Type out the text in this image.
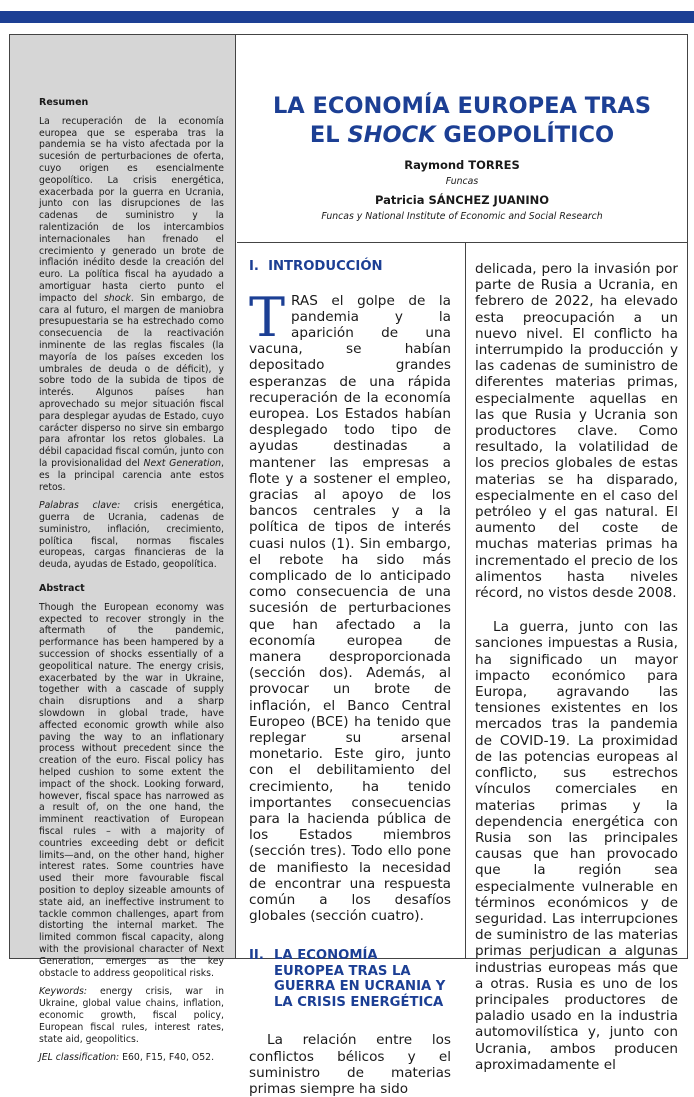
Resumen

La recuperación de la economía europea que se esperaba tras la pandemia se ha visto afectada por la sucesión de perturbaciones de oferta, cuyo origen es esencialmente geopolítico. La crisis energética, exacerbada por la guerra en Ucrania, junto con las disrupciones de las cadenas de suministro y la ralentización de los intercambios internacionales han frenado el crecimiento y generado un brote de inflación inédito desde la creación del euro. La política fiscal ha ayudado a amortiguar hasta cierto punto el impacto del shock. Sin embargo, de cara al futuro, el margen de maniobra presupuestaria se ha estrechado como consecuencia de la reactivación inminente de las reglas fiscales (la mayoría de los países exceden los umbrales de deuda o de déficit), y sobre todo de la subida de tipos de interés. Algunos países han aprovechado su mejor situación fiscal para desplegar ayudas de Estado, cuyo carácter disperso no sirve sin embargo para afrontar los retos globales. La débil capacidad fiscal común, junto con la provisionalidad del Next Generation, es la principal carencia ante estos retos.

Palabras clave: crisis energética, guerra de Ucrania, cadenas de suministro, inflación, crecimiento, política fiscal, normas fiscales europeas, cargas financieras de la deuda, ayudas de Estado, geopolítica.

Abstract

Though the European economy was expected to recover strongly in the aftermath of the pandemic, performance has been hampered by a succession of shocks essentially of a geopolitical nature. The energy crisis, exacerbated by the war in Ukraine, together with a cascade of supply chain disruptions and a sharp slowdown in global trade, have affected economic growth while also paving the way to an inflationary process without precedent since the creation of the euro. Fiscal policy has helped cushion to some extent the impact of the shock. Looking forward, however, fiscal space has narrowed as a result of, on the one hand, the imminent reactivation of European fiscal rules – with a majority of countries exceeding debt or deficit limits—and, on the other hand, higher interest rates. Some countries have used their more favourable fiscal position to deploy sizeable amounts of state aid, an ineffective instrument to tackle common challenges, apart from distorting the internal market. The limited common fiscal capacity, along with the provisional character of Next Generation, emerges as the key obstacle to address geopolitical risks.

Keywords: energy crisis, war in Ukraine, global value chains, inflation, economic growth, fiscal policy, European fiscal rules, interest rates, state aid, geopolitics.

JEL classification: E60, F15, F40, O52.

LA ECONOMÍA EUROPEA TRAS
EL SHOCK GEOPOLÍTICO
Raymond TORRES
Funcas
Patricia SÁNCHEZ JUANINO
Funcas y National Institute of Economic and Social Research
I. INTRODUCCIÓN

TRAS el golpe de la pandemia y la aparición de una vacuna, se habían depositado grandes esperanzas de una rápida recuperación de la economía europea. Los Estados habían desplegado todo tipo de ayudas destinadas a mantener las empresas a flote y a sostener el empleo, gracias al apoyo de los bancos centrales y a la política de tipos de interés cuasi nulos (1). Sin embargo, el rebote ha sido más complicado de lo anticipado como consecuencia de una sucesión de perturbaciones que han afectado a la economía europea de manera desproporcionada (sección dos). Además, al provocar un brote de inflación, el Banco Central Europeo (BCE) ha tenido que replegar su arsenal monetario. Este giro, junto con el debilitamiento del crecimiento, ha tenido importantes consecuencias para la hacienda pública de los Estados miembros (sección tres). Todo ello pone de manifiesto la necesidad de encontrar una respuesta común a los desafíos globales (sección cuatro).

II. LA ECONOMÍA EUROPEA TRAS LA GUERRA EN UCRANIA Y LA CRISIS ENERGÉTICA

La relación entre los conflictos bélicos y el suministro de materias primas siempre ha sido

delicada, pero la invasión por parte de Rusia a Ucrania, en febrero de 2022, ha elevado esta preocupación a un nuevo nivel. El conflicto ha interrumpido la producción y las cadenas de suministro de diferentes materias primas, especialmente aquellas en las que Rusia y Ucrania son productores clave. Como resultado, la volatilidad de los precios globales de estas materias se ha disparado, especialmente en el caso del petróleo y el gas natural. El aumento del coste de muchas materias primas ha incrementado el precio de los alimentos hasta niveles récord, no vistos desde 2008.

La guerra, junto con las sanciones impuestas a Rusia, ha significado un mayor impacto económico para Europa, agravando las tensiones existentes en los mercados tras la pandemia de COVID-19. La proximidad de las potencias europeas al conflicto, sus estrechos vínculos comerciales en materias primas y la dependencia energética con Rusia son las principales causas que han provocado que la región sea especialmente vulnerable en términos económicos y de seguridad. Las interrupciones de suministro de las materias primas perjudican a algunas industrias europeas más que a otras. Rusia es uno de los principales productores de paladio usado en la industria automovilística y, junto con Ucrania, ambos producen aproximadamente el
